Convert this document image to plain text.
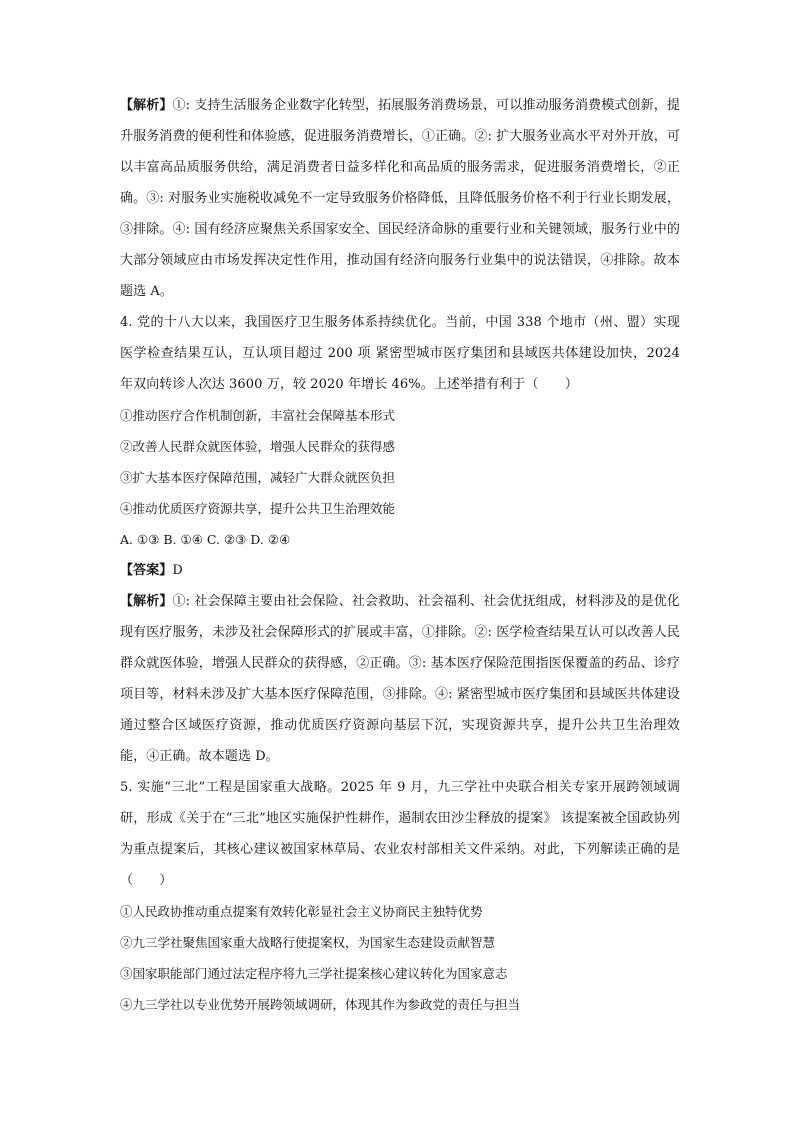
【解析】①: 支持生活服务企业数字化转型，拓展服务消费场景，可以推动服务消费模式创新，提升服务消费的便利性和体验感，促进服务消费增长，①正确。②: 扩大服务业高水平对外开放，可以丰富高品质服务供给，满足消费者日益多样化和高品质的服务需求，促进服务消费增长，②正确。③: 对服务业实施税收减免不一定导致服务价格降低，且降低服务价格不利于行业长期发展，③排除。④: 国有经济应聚焦关系国家安全、国民经济命脉的重要行业和关键领域，服务行业中的大部分领域应由市场发挥决定性作用，推动国有经济向服务行业集中的说法错误，④排除。故本题选 A。

4. 党的十八大以来，我国医疗卫生服务体系持续优化。当前，中国 338 个地市（州、盟）实现医学检查结果互认，互认项目超过 200 项 紧密型城市医疗集团和县域医共体建设加快，2024 年双向转诊人次达 3600 万，较 2020 年增长 46%。上述举措有利于（　　）

①推动医疗合作机制创新，丰富社会保障基本形式

②改善人民群众就医体验，增强人民群众的获得感

③扩大基本医疗保障范围，减轻广大群众就医负担

④推动优质医疗资源共享，提升公共卫生治理效能

A. ①③ B. ①④ C. ②③ D. ②④

【答案】D

【解析】①: 社会保障主要由社会保险、社会救助、社会福利、社会优抚组成，材料涉及的是优化现有医疗服务，未涉及社会保障形式的扩展或丰富，①排除。②: 医学检查结果互认可以改善人民群众就医体验，增强人民群众的获得感，②正确。③: 基本医疗保险范围指医保覆盖的药品、诊疗项目等，材料未涉及扩大基本医疗保障范围，③排除。④: 紧密型城市医疗集团和县域医共体建设通过整合区域医疗资源，推动优质医疗资源向基层下沉，实现资源共享，提升公共卫生治理效能，④正确。故本题选 D。

5. 实施“三北”工程是国家重大战略。2025 年 9 月，九三学社中央联合相关专家开展跨领域调研，形成《关于在“三北”地区实施保护性耕作，遏制农田沙尘释放的提案》 该提案被全国政协列为重点提案后，其核心建议被国家林草局、农业农村部相关文件采纳。对此，下列解读正确的是（　　）

①人民政协推动重点提案有效转化彰显社会主义协商民主独特优势

②九三学社聚焦国家重大战略行使提案权，为国家生态建设贡献智慧

③国家职能部门通过法定程序将九三学社提案核心建议转化为国家意志

④九三学社以专业优势开展跨领域调研，体现其作为参政党的责任与担当
